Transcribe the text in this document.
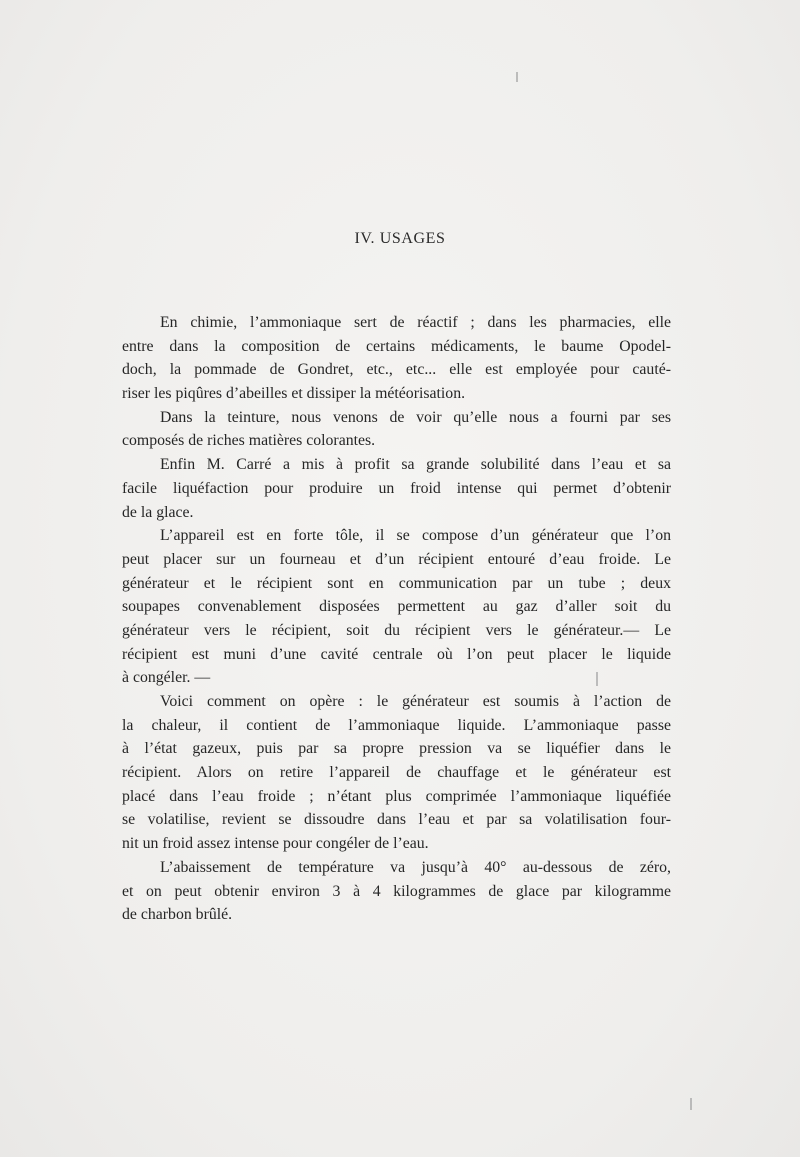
IV. USAGES
En chimie, l’ammoniaque sert de réactif ; dans les pharmacies, elle
entre dans la composition de certains médicaments, le baume Opodel-
doch, la pommade de Gondret, etc., etc... elle est employée pour cauté-
riser les piqûres d’abeilles et dissiper la météorisation.
Dans la teinture, nous venons de voir qu’elle nous a fourni par ses
composés de riches matières colorantes.
Enfin M. Carré a mis à profit sa grande solubilité dans l’eau et sa
facile liquéfaction pour produire un froid intense qui permet d’obtenir
de la glace.
L’appareil est en forte tôle, il se compose d’un générateur que l’on
peut placer sur un fourneau et d’un récipient entouré d’eau froide. Le
générateur et le récipient sont en communication par un tube ; deux
soupapes convenablement disposées permettent au gaz d’aller soit du
générateur vers le récipient, soit du récipient vers le générateur.— Le
récipient est muni d’une cavité centrale où l’on peut placer le liquide
à congéler. —
Voici comment on opère : le générateur est soumis à l’action de
la chaleur, il contient de l’ammoniaque liquide. L’ammoniaque passe
à l’état gazeux, puis par sa propre pression va se liquéfier dans le
récipient. Alors on retire l’appareil de chauffage et le générateur est
placé dans l’eau froide ; n’étant plus comprimée l’ammoniaque liquéfiée
se volatilise, revient se dissoudre dans l’eau et par sa volatilisation four-
nit un froid assez intense pour congéler de l’eau.
L’abaissement de température va jusqu’à 40° au-dessous de zéro,
et on peut obtenir environ 3 à 4 kilogrammes de glace par kilogramme
de charbon brûlé.
